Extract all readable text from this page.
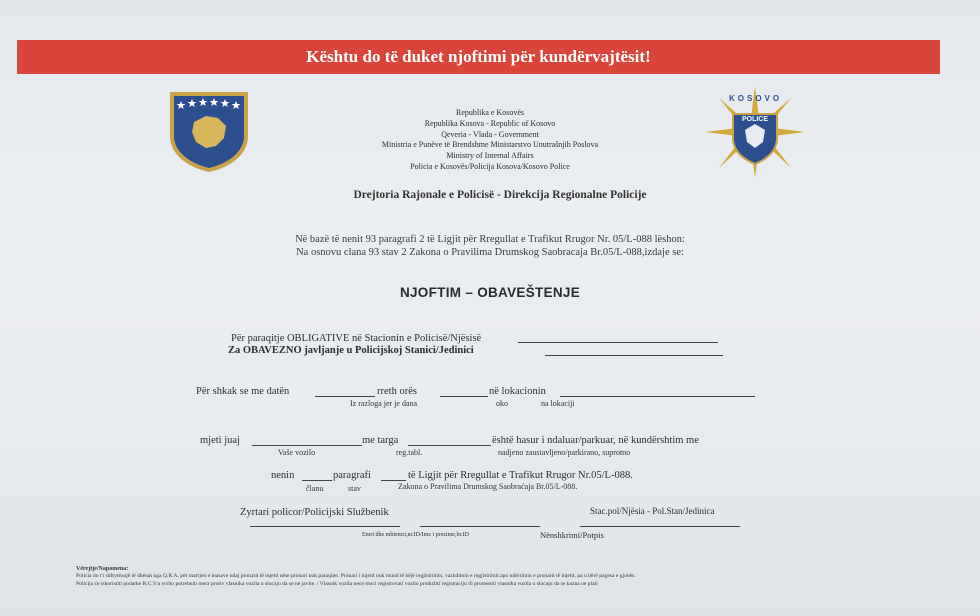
Kështu do të duket njoftimi për kundërvajtësit!
KOSOVO
POLICE
Republika e Kosovës
Republika Kosova - Republic of Kosovo
Qeveria - Vlada - Government
Ministria e Punëve të Brendshme Ministarstvo Unutrašnjih Poslova
Ministry of Internal Affairs
Policia e Kosovës/Policija Kosova/Kosovo Police
Drejtoria Rajonale e Policisë - Direkcija Regionalne Policije
Në bazë të nenit 93 paragrafi 2 të Ligjit për Rregullat e Trafikut Rrugor Nr. 05/L-088 lëshon:
Na osnovu clana 93 stav 2 Zakona o Pravilima Drumskog Saobracaja Br.05/L-088,izdaje se:
NJOFTIM – OBAVEŠTENJE
Për paraqitje OBLIGATIVE në Stacionin e Policisë/Njësisë
Za OBAVEZNO javljanje u Policijskoj Stanici/Jedinici
Për shkak se me datën	rreth orës	në lokacionin
Iz razloga jer je dana	oko	na lokaciji
mjeti juaj	me targa	është hasur i ndaluar/parkuar, në kundërshtim me
Vaše vozilo	reg.tabl.	nadjeno zaustavljeno/parkirano, suprotno
nenin	paragrafi	të Ligjit për Rregullat e Trafikut Rrugor Nr.05/L-088.
članu	stav	Zakona o Pravilima Drumskog Saobraćaja Br.05/L-088.
Zyrtari policor/Policijski Službenik	Stac.pol/Njësia - Pol.Stan/Jedinica
Emri dhe mbiemri,nr.ID/Ime i prezime,br.ID	Nënshkrimi/Potpis
Vërejtje/Napomena:
Policia do t'i shfrytëzojë të dhënat nga Q.R.A. për marrjen e masave ndaj pronarit të mjetit nëse pronari nuk paraqitet. Pronari i mjetit nuk mund të bëjë regjistrimin, vazhdimin e regjistrimit apo ndërrimin e pronarit të mjetit, pa u bërë pagesa e gjobës.
Policija će iskoristiti podatke R.C.V.u svrho potrebnih mera protiv vlasnika vozila u slucaju da se ne javite. / Vlasnik vozila nece moci registrovati vozilo produžiti registraciju ili promeniti vlasnika vozila u slucaju da se kazna ne plati
